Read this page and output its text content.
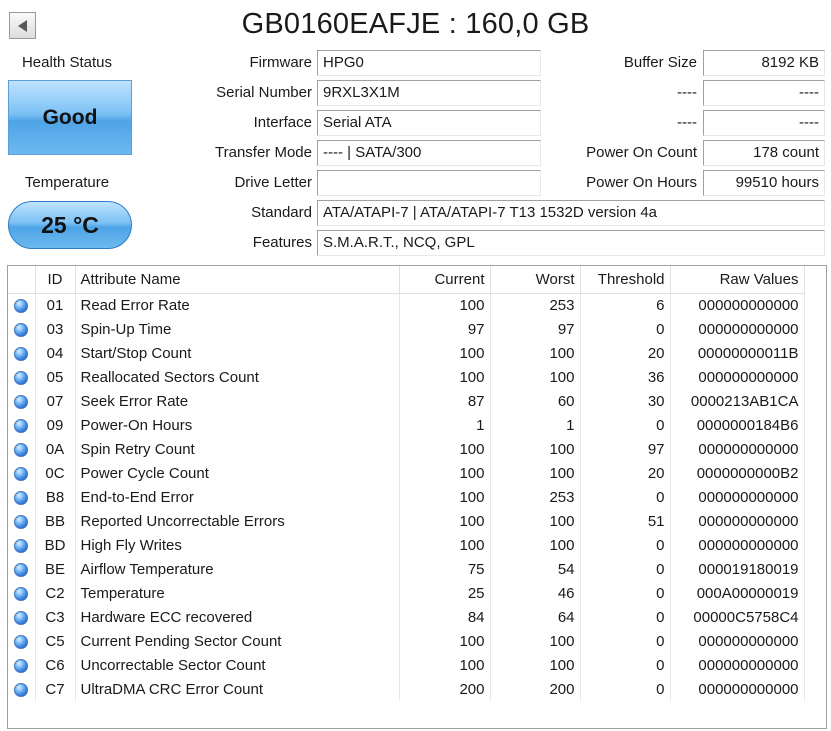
GB0160EAFJE : 160,0 GB
Health Status
Good
Temperature
25 °C
Firmware HPG0
Serial Number 9RXL3X1M
Interface Serial ATA
Transfer Mode ---- | SATA/300
Drive Letter
Standard ATA/ATAPI-7 | ATA/ATAPI-7 T13 1532D version 4a
Features S.M.A.R.T., NCQ, GPL
Buffer Size	8192 KB
----	----
----	----
Power On Count	178 count
Power On Hours	99510 hours
	ID	Attribute Name	Current	Worst	Threshold	Raw Values
	01	Read Error Rate	100	253	6	000000000000
	03	Spin-Up Time	97	97	0	000000000000
	04	Start/Stop Count	100	100	20	00000000011B
	05	Reallocated Sectors Count	100	100	36	000000000000
	07	Seek Error Rate	87	60	30	0000213AB1CA
	09	Power-On Hours	1	1	0	0000000184B6
	0A	Spin Retry Count	100	100	97	000000000000
	0C	Power Cycle Count	100	100	20	0000000000B2
	B8	End-to-End Error	100	253	0	000000000000
	BB	Reported Uncorrectable Errors	100	100	51	000000000000
	BD	High Fly Writes	100	100	0	000000000000
	BE	Airflow Temperature	75	54	0	000019180019
	C2	Temperature	25	46	0	000A00000019
	C3	Hardware ECC recovered	84	64	0	00000C5758C4
	C5	Current Pending Sector Count	100	100	0	000000000000
	C6	Uncorrectable Sector Count	100	100	0	000000000000
	C7	UltraDMA CRC Error Count	200	200	0	000000000000
